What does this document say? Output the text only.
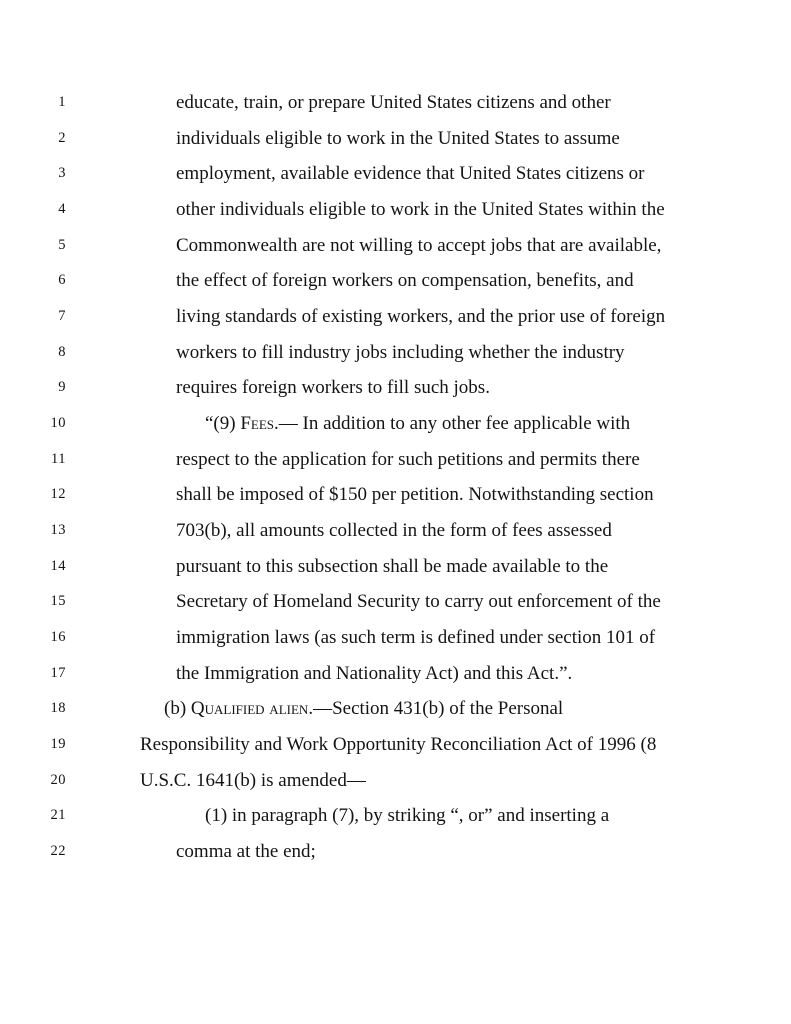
1	educate, train, or prepare United States citizens and other
2	individuals eligible to work in the United States to assume
3	employment, available evidence that United States citizens or
4	other individuals eligible to work in the United States within the
5	Commonwealth are not willing to accept jobs that are available,
6	the effect of foreign workers on compensation, benefits, and
7	living standards of existing workers, and the prior use of foreign
8	workers to fill industry jobs including whether the industry
9	requires foreign workers to fill such jobs.
10	“(9) Fees.— In addition to any other fee applicable with
11	respect to the application for such petitions and permits there
12	shall be imposed of $150 per petition. Notwithstanding section
13	703(b), all amounts collected in the form of fees assessed
14	pursuant to this subsection shall be made available to the
15	Secretary of Homeland Security to carry out enforcement of the
16	immigration laws (as such term is defined under section 101 of
17	the Immigration and Nationality Act) and this Act.”.
18	(b) Qualified alien.—Section 431(b) of the Personal
19	Responsibility and Work Opportunity Reconciliation Act of 1996 (8
20	U.S.C. 1641(b) is amended—
21	(1) in paragraph (7), by striking “, or” and inserting a
22	comma at the end;
